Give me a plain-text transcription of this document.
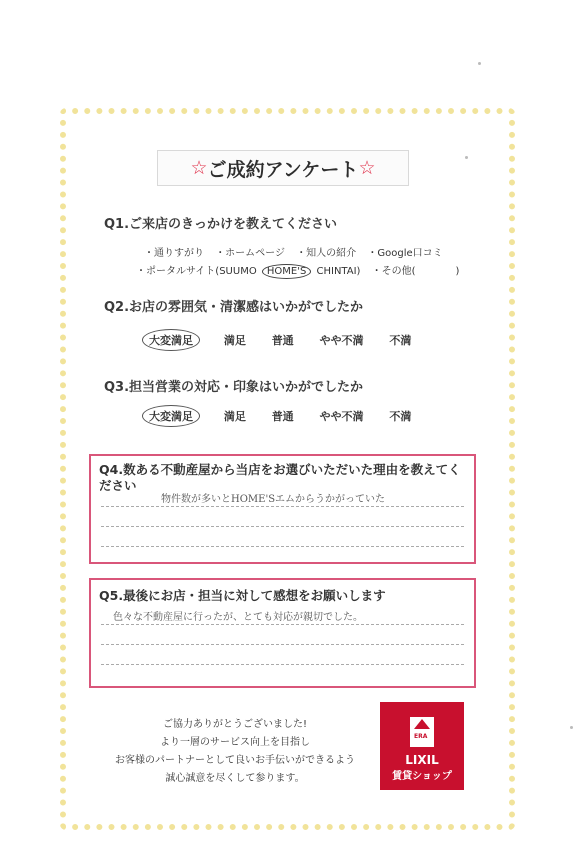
☆ ご成約アンケート ☆
Q1.ご来店のきっかけを教えてください
・通りすがり ・ホームページ ・知人の紹介 ・Google口コミ
・ポータルサイト(SUUMO HOME'S CHINTAI) ・その他(　　　　)
Q2.お店の雰囲気・清潔感はいかがでしたか
大変満足	満足 普通 やや不満 不満
Q3.担当営業の対応・印象はいかがでしたか
大変満足	満足 普通 やや不満 不満
Q4.数ある不動産屋から当店をお選びいただいた理由を教えてください
物件数が多いとHOME'Sエムからうかがっていた
Q5.最後にお店・担当に対して感想をお願いします
色々な不動産屋に行ったが、とても対応が親切でした。
ご協力ありがとうございました!
より一層のサービス向上を目指し
お客様のパートナーとして良いお手伝いができるよう
誠心誠意を尽くして参ります。
ERA
LIXIL
賃貸ショップ
